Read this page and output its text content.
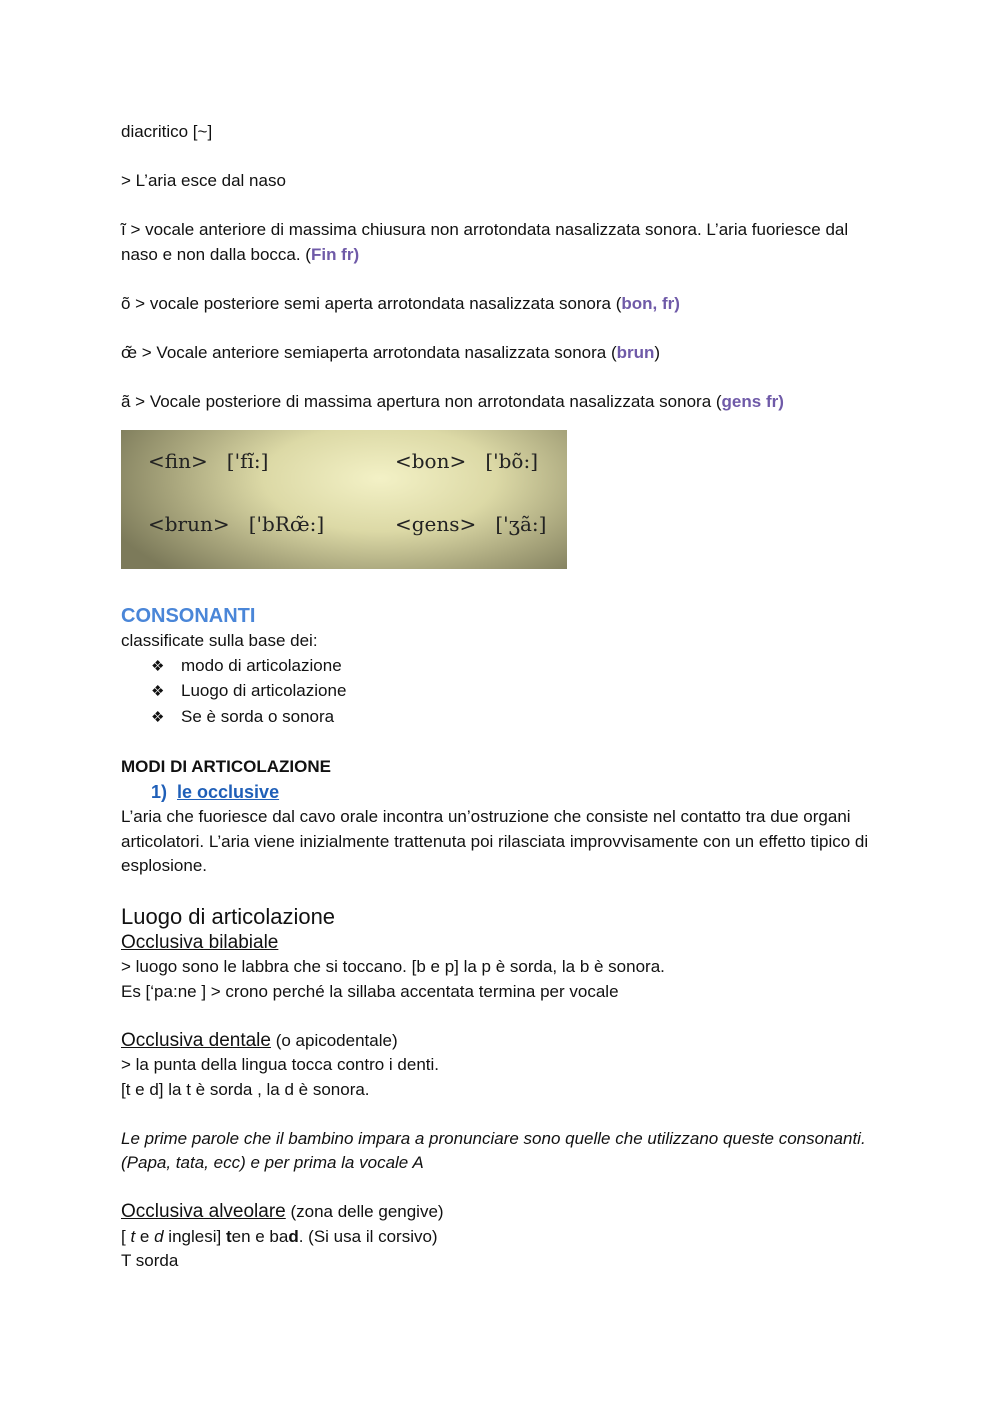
diacritico [~]

> L’aria esce dal naso

ĩ > vocale anteriore di massima chiusura non arrotondata nasalizzata sonora. L’aria fuoriesce dal naso e non dalla bocca. (Fin fr)

õ > vocale posteriore semi aperta arrotondata nasalizzata sonora (bon, fr)

œ̃ > Vocale anteriore semiaperta arrotondata nasalizzata sonora (brun)

ã > Vocale posteriore di massima apertura non arrotondata nasalizzata sonora (gens fr)

<fin>   ['fĩ:]	<bon>   ['bõ:]
<brun>   ['bRœ̃:]	<gens>   ['ʒã:]
CONSONANTI

classificate sulla base dei:

❖ modo di articolazione
❖ Luogo di articolazione
❖ Se è sorda o sonora
MODI DI ARTICOLAZIONE
1) le occlusive

L’aria che fuoriesce dal cavo orale incontra un’ostruzione che consiste nel contatto tra due organi articolatori. L’aria viene inizialmente trattenuta poi rilasciata improvvisamente con un effetto tipico di esplosione.

Luogo di articolazione

Occlusiva bilabiale

> luogo sono le labbra che si toccano. [b e p] la p è sorda, la b è sonora.

Es [‘pa:ne ] > crono perché la sillaba accentata termina per vocale

Occlusiva dentale (o apicodentale)

> la punta della lingua tocca contro i denti.

[t e d] la t è sorda , la d è sonora.

Le prime parole che il bambino impara a pronunciare sono quelle che utilizzano queste consonanti. (Papa, tata, ecc) e per prima la vocale A

Occlusiva alveolare (zona delle gengive)

[ t e d inglesi] ten e bad. (Si usa il corsivo)

T sorda
